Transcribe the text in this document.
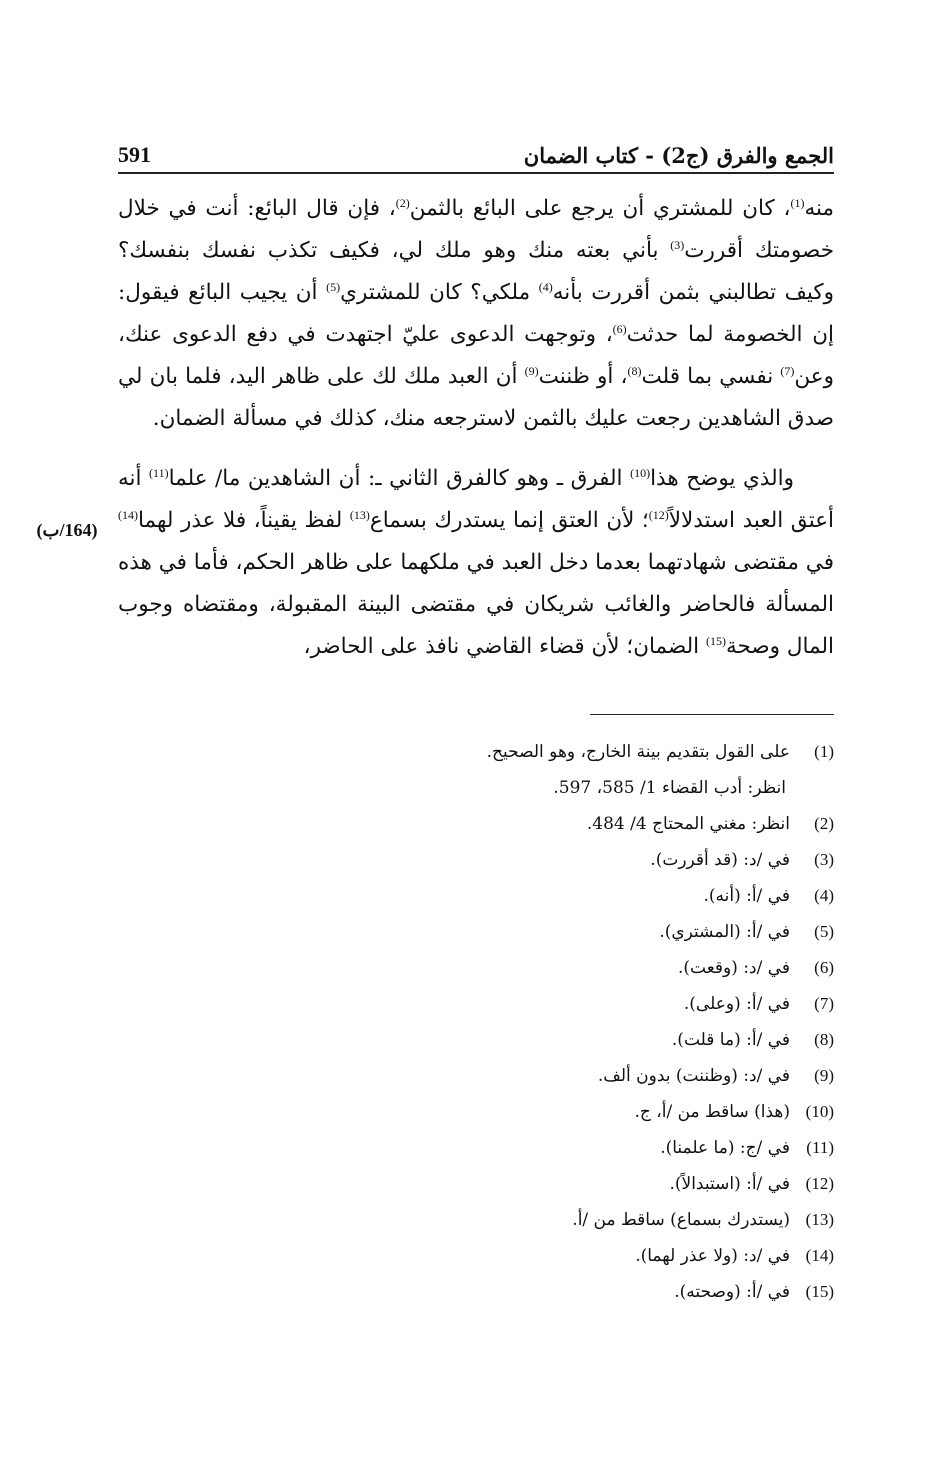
الجمع والفرق (ج2) - كتاب الضمان
591

منه$^{(1)}$، كان للمشتري أن يرجع على البائع بالثمن$^{(2)}$، فإن قال البائع: أنت في خلال خصومتك أقررت$^{(3)}$ بأني بعته منك وهو ملك لي، فكيف تكذب نفسك بنفسك؟ وكيف تطالبني بثمن أقررت بأنه$^{(4)}$ ملكي؟ كان للمشتري$^{(5)}$ أن يجيب البائع فيقول: إن الخصومة لما حدثت$^{(6)}$، وتوجهت الدعوى عليّ اجتهدت في دفع الدعوى عنك، وعن$^{(7)}$ نفسي بما قلت$^{(8)}$، أو ظننت$^{(9)}$ أن العبد ملك لك على ظاهر اليد، فلما بان لي صدق الشاهدين رجعت عليك بالثمن لاسترجعه منك، كذلك في مسألة الضمان.

والذي يوضح هذا$^{(10)}$ الفرق ـ وهو كالفرق الثاني ـ: أن الشاهدين ما/ علما$^{(11)}$ أنه أعتق العبد استدلالاً$^{(12)}$؛ لأن العتق إنما يستدرك بسماع$^{(13)}$ لفظ يقيناً، فلا عذر لهما$^{(14)}$ في مقتضى شهادتهما بعدما دخل العبد في ملكهما على ظاهر الحكم، فأما في هذه المسألة فالحاضر والغائب شريكان في مقتضى البينة المقبولة، ومقتضاه وجوب المال وصحة$^{(15)}$ الضمان؛ لأن قضاء القاضي نافذ على الحاضر،

(164/ب)
(1)
على القول بتقديم بينة الخارج، وهو الصحيح.
انظر: أدب القضاء 1/ 585، 597.
(2)
انظر: مغني المحتاج 4/ 484.
(3)
في /د: (قد أقررت).
(4)
في /أ: (أنه).
(5)
في /أ: (المشتري).
(6)
في /د: (وقعت).
(7)
في /أ: (وعلى).
(8)
في /أ: (ما قلت).
(9)
في /د: (وظننت) بدون ألف.
(10)
(هذا) ساقط من /أ، ج.
(11)
في /ج: (ما علمنا).
(12)
في /أ: (استبدالاً).
(13)
(يستدرك بسماع) ساقط من /أ.
(14)
في /د: (ولا عذر لهما).
(15)
في /أ: (وصحته).
